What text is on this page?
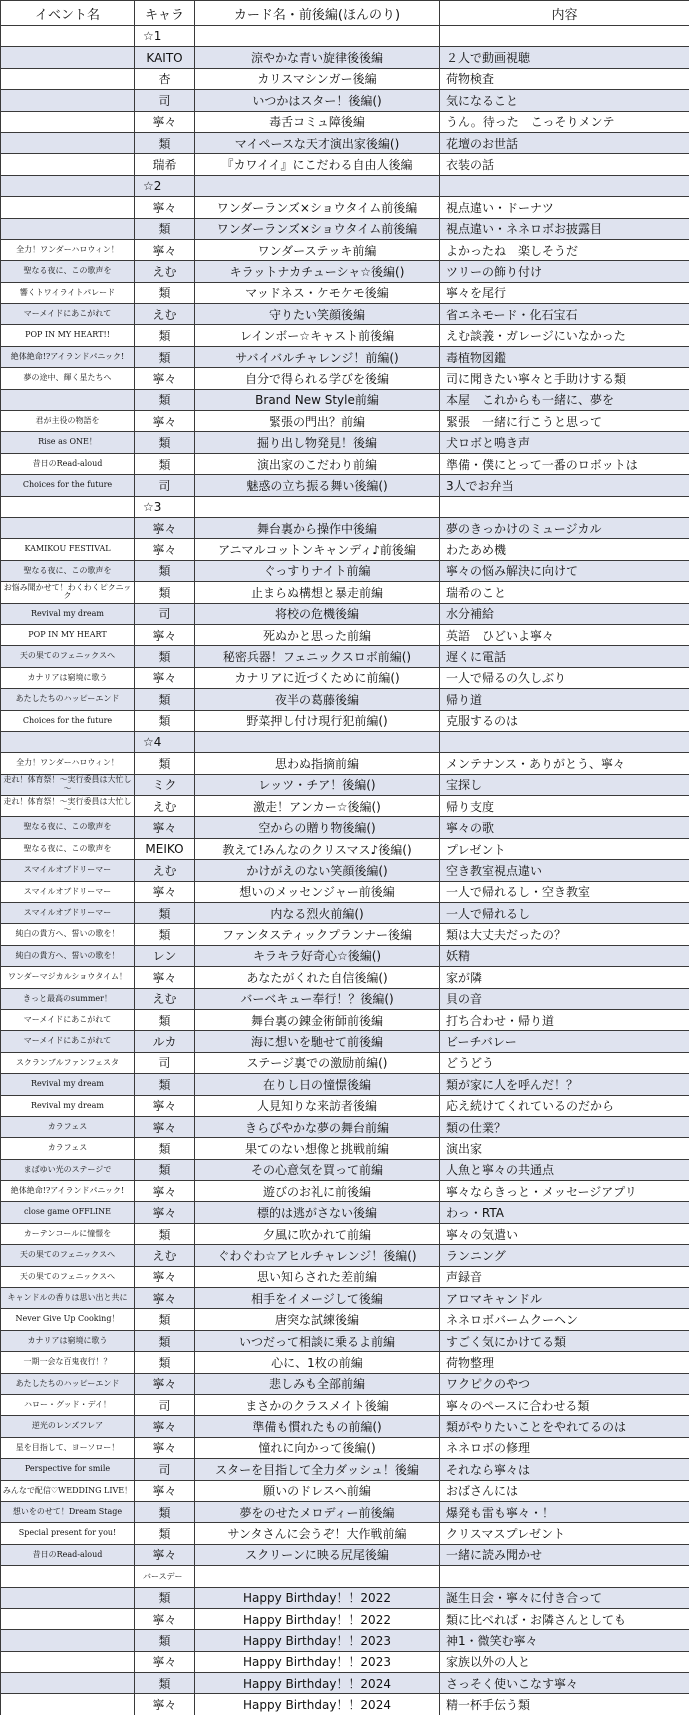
イベント名	キャラ	カード名・前後編(ほんのり)	内容
	☆1		
	KAITO	涼やかな青い旋律後後編	２人で動画視聴
	杏	カリスマシンガー後編	荷物検査
	司	いつかはスター！後編()	気になること
	寧々	毒舌コミュ障後編	うん。待った　こっそりメンテ
	類	マイペースな天才演出家後編()	花壇のお世話
	瑞希	『カワイイ』にこだわる自由人後編	衣装の話
	☆2		
	寧々	ワンダーランズ×ショウタイム前後編	視点違い・ドーナツ
	類	ワンダーランズ×ショウタイム前後編	視点違い・ネネロボお披露目
全力！ワンダーハロウィン！	寧々	ワンダーステッキ前編	よかったね　楽しそうだ
聖なる夜に、この歌声を	えむ	キラットナカチューシャ☆後編()	ツリーの飾り付け
響くトワイライトパレード	類	マッドネス・ケモケモ後編	寧々を尾行
マーメイドにあこがれて	えむ	守りたい笑顔後編	省エネモード・化石宝石
POP IN MY HEART!!	類	レインボー☆キャスト前後編	えむ談義・ガレージにいなかった
絶体絶命!?アイランドパニック!	類	サバイバルチャレンジ！前編()	毒植物図鑑
夢の途中、輝く星たちへ	寧々	自分で得られる学びを後編	司に聞きたい寧々と手助けする類
	類	Brand New Style前編	本屋　これからも一緒に、夢を
君が主役の物語を	寧々	緊張の門出？前編	緊張　一緒に行こうと思って
Rise as ONE！	類	掘り出し物発見！後編	犬ロボと鳴き声
昔日のRead-aloud	類	演出家のこだわり前編	準備・僕にとって一番のロボットは
Choices for the future	司	魅惑の立ち振る舞い後編()	3人でお弁当
	☆3		
	寧々	舞台裏から操作中後編	夢のきっかけのミュージカル
KAMIKOU FESTIVAL	寧々	アニマルコットンキャンディ♪前後編	わたあめ機
聖なる夜に、この歌声を	類	ぐっすりナイト前編	寧々の悩み解決に向けて
お悩み聞かせて！わくわくピクニック	類	止まらぬ構想と暴走前編	瑞希のこと
Revival my dream	司	将校の危機後編	水分補給
POP IN MY HEART	寧々	死ぬかと思った前編	英語　ひどいよ寧々
天の果てのフェニックスへ	類	秘密兵器！フェニックスロボ前編()	遅くに電話
カナリアは窮境に歌う	寧々	カナリアに近づくために前編()	一人で帰るの久しぶり
あたしたちのハッピーエンド	類	夜半の葛藤後編	帰り道
Choices for the future	類	野菜押し付け現行犯前編()	克服するのは
	☆4		
全力！ワンダーハロウィン！	類	思わぬ指摘前編	メンテナンス・ありがとう、寧々
走れ！体育祭！～実行委員は大忙し～	ミク	レッツ・チア！後編()	宝探し
走れ！体育祭！～実行委員は大忙し～	えむ	激走！アンカー☆後編()	帰り支度
聖なる夜に、この歌声を	寧々	空からの贈り物後編()	寧々の歌
聖なる夜に、この歌声を	MEIKO	教えて!みんなのクリスマス♪後編()	プレゼント
スマイルオブドリーマー	えむ	かけがえのない笑顔後編()	空き教室視点違い
スマイルオブドリーマー	寧々	想いのメッセンジャー前後編	一人で帰れるし・空き教室
スマイルオブドリーマー	類	内なる烈火前編()	一人で帰れるし
純白の貴方へ、誓いの歌を！	類	ファンタスティックプランナー後編	類は大丈夫だったの？
純白の貴方へ、誓いの歌を！	レン	キラキラ好奇心☆後編()	妖精
ワンダーマジカルショウタイム！	寧々	あなたがくれた自信後編()	家が隣
きっと最高のsummer！	えむ	バーベキュー奉行！？後編()	貝の音
マーメイドにあこがれて	類	舞台裏の錬金術師前後編	打ち合わせ・帰り道
マーメイドにあこがれて	ルカ	海に想いを馳せて前後編	ビーチバレー
スクランブルファンフェスタ	司	ステージ裏での激励前編()	どうどう
Revival my dream	類	在りし日の憧憬後編	類が家に人を呼んだ！？
Revival my dream	寧々	人見知りな来訪者後編	応え続けてくれているのだから
カラフェス	寧々	きらびやかな夢の舞台前編	類の仕業？
カラフェス	類	果てのない想像と挑戦前編	演出家
まばゆい光のステージで	類	その心意気を買って前編	人魚と寧々の共通点
絶体絶命!?アイランドパニック!	寧々	遊びのお礼に前後編	寧々ならきっと・メッセージアプリ
close game OFFLINE	寧々	標的は逃がさない後編	わっ・RTA
カーテンコールに憧憬を	類	夕風に吹かれて前編	寧々の気遣い
天の果てのフェニックスへ	えむ	ぐわぐわ☆アヒルチャレンジ！後編()	ランニング
天の果てのフェニックスへ	寧々	思い知らされた差前編	声録音
キャンドルの香りは思い出と共に	寧々	相手をイメージして後編	アロマキャンドル
Never Give Up Cooking！	類	唐突な試練後編	ネネロボバームクーヘン
カナリアは窮境に歌う	類	いつだって相談に乗るよ前編	すごく気にかけてる類
一期一会な百鬼夜行！？	類	心に、1枚の前編	荷物整理
あたしたちのハッピーエンド	寧々	悲しみも全部前編	ワクピクのやつ
ハロー・グッド・デイ！	司	まさかのクラスメイト後編	寧々のペースに合わせる類
逆光のレンズフレア	寧々	準備も慣れたもの前編()	類がやりたいことをやれてるのは
星を目指して、ヨーソロー！	寧々	憧れに向かって後編()	ネネロボの修理
Perspective for smile	司	スターを目指して全力ダッシュ！後編	それなら寧々は
みんなで配信♡WEDDING LIVE！	寧々	願いのドレスへ前編	おばさんには
想いをのせて！Dream Stage	類	夢をのせたメロディー前後編	爆発も雷も寧々・！
Special present for you!	類	サンタさんに会うぞ！大作戦前編	クリスマスプレゼント
昔日のRead-aloud	寧々	スクリーンに映る尻尾後編	一緒に読み聞かせ
	バースデー		
	類	Happy Birthday！！2022	誕生日会・寧々に付き合って
	寧々	Happy Birthday！！2022	類に比べれば・お隣さんとしても
	類	Happy Birthday！！2023	神1・微笑む寧々
	寧々	Happy Birthday！！2023	家族以外の人と
	類	Happy Birthday！！2024	さっそく使いこなす寧々
	寧々	Happy Birthday！！2024	精一杯手伝う類
